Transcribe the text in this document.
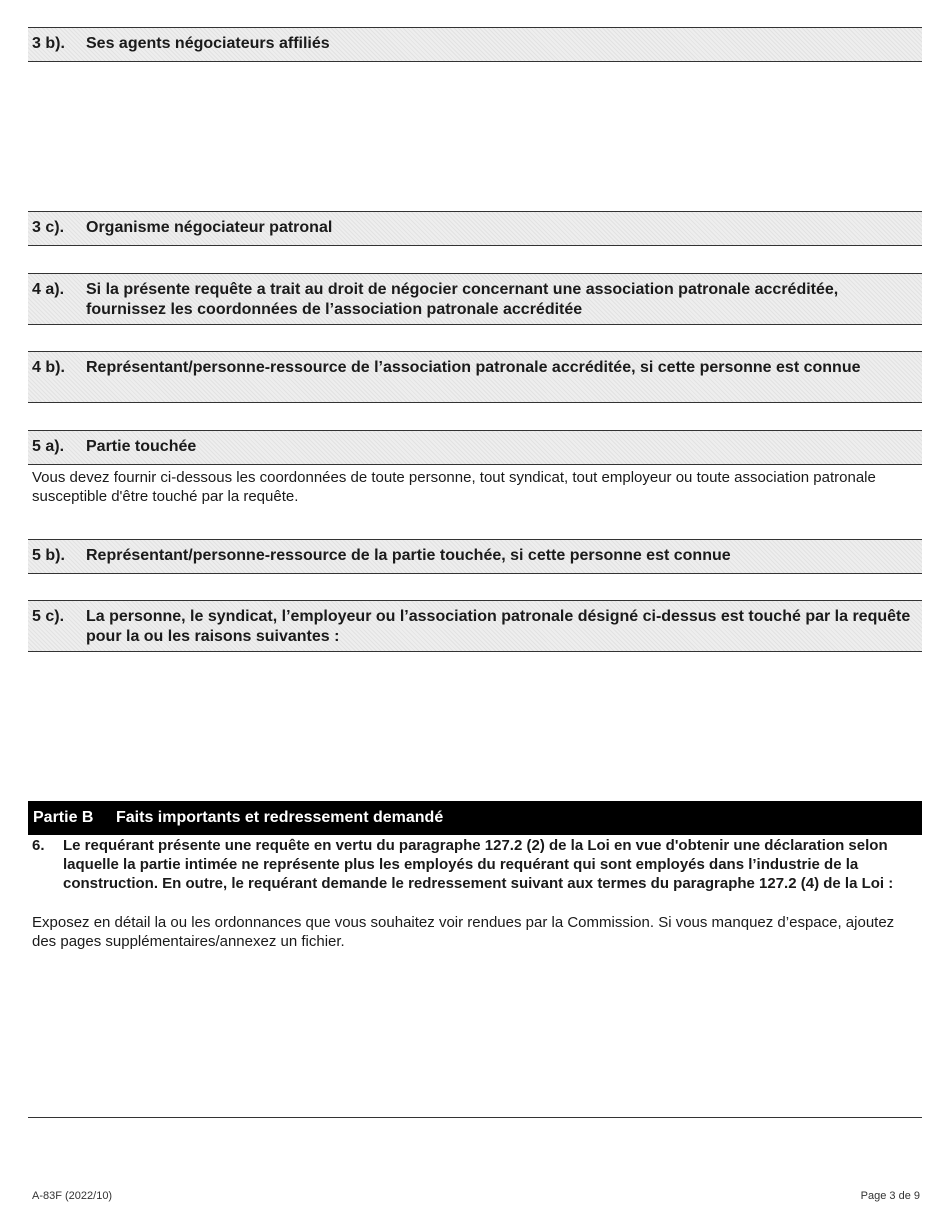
3 b).	Ses agents négociateurs affiliés
3 c).	Organisme négociateur patronal
4 a).	Si la présente requête a trait au droit de négocier concernant une association patronale accréditée, fournissez les coordonnées de l’association patronale accréditée
4 b).	Représentant/personne-ressource de l’association patronale accréditée, si cette personne est connue
5 a).	Partie touchée
Vous devez fournir ci-dessous les coordonnées de toute personne, tout syndicat, tout employeur ou toute association patronale susceptible d'être touché par la requête.
5 b).	Représentant/personne-ressource de la partie touchée, si cette personne est connue
5 c).	La personne, le syndicat, l’employeur ou l’association patronale désigné ci-dessus est touché par la requête pour la ou les raisons suivantes :
Partie B	Faits importants et redressement demandé
6.	Le requérant présente une requête en vertu du paragraphe 127.2 (2) de la Loi en vue d'obtenir une déclaration selon laquelle la partie intimée ne représente plus les employés du requérant qui sont employés dans l’industrie de la construction. En outre, le requérant demande le redressement suivant aux termes du paragraphe 127.2 (4) de la Loi :
Exposez en détail la ou les ordonnances que vous souhaitez voir rendues par la Commission. Si vous manquez d’espace, ajoutez des pages supplémentaires/annexez un fichier.
A-83F (2022/10)	Page 3 de 9
